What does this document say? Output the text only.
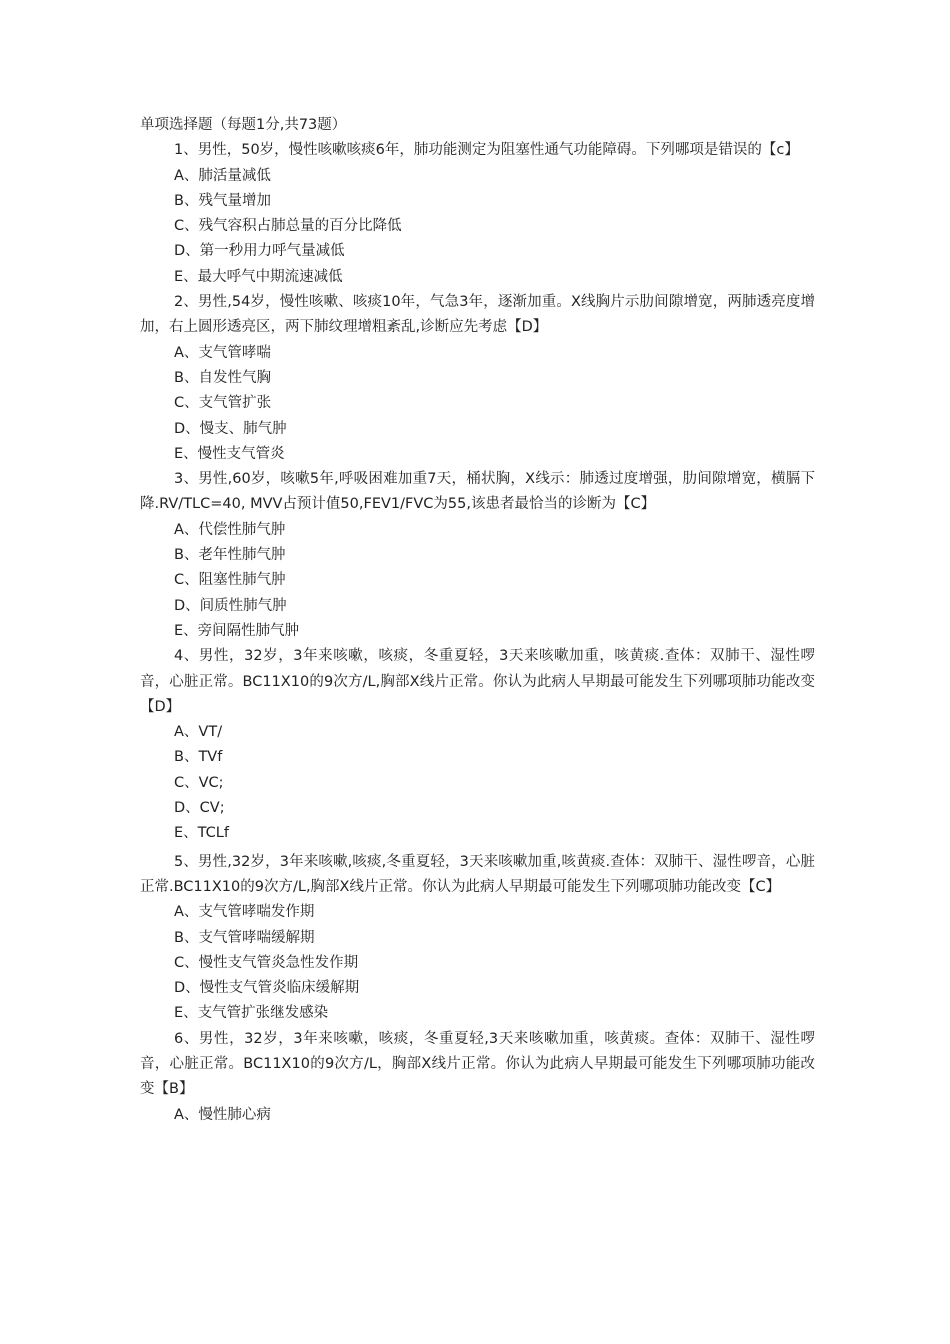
单项选择题（每题1分,共73题）

1、男性，50岁，慢性咳嗽咳痰6年，肺功能测定为阻塞性通气功能障碍。下列哪项是错误的【c】

A、肺活量减低

B、残气量增加

C、残气容积占肺总量的百分比降低

D、第一秒用力呼气量减低

E、最大呼气中期流速减低

2、男性,54岁，慢性咳嗽、咳痰10年，气急3年，逐渐加重。X线胸片示肋间隙增宽，两肺透亮度增加，右上圆形透亮区，两下肺纹理增粗紊乱,诊断应先考虑【D】

A、支气管哮喘

B、自发性气胸

C、支气管扩张

D、慢支、肺气肿

E、慢性支气管炎

3、男性,60岁，咳嗽5年,呼吸困难加重7天，桶状胸，X线示：肺透过度增强，肋间隙增宽，横膈下降.RV/TLC=40, MVV占预计值50,FEV1/FVC为55,该患者最恰当的诊断为【C】

A、代偿性肺气肿

B、老年性肺气肿

C、阻塞性肺气肿

D、间质性肺气肿

E、旁间隔性肺气肿

4、男性，32岁，3年来咳嗽，咳痰，冬重夏轻，3天来咳嗽加重，咳黄痰.查体：双肺干、湿性啰音，心脏正常。BC11X10的9次方/L,胸部X线片正常。你认为此病人早期最可能发生下列哪项肺功能改变【D】

A、VT/

B、TVf

C、VC;

D、CV;

E、TCLf

5、男性,32岁，3年来咳嗽,咳痰,冬重夏轻，3天来咳嗽加重,咳黄痰.查体：双肺干、湿性啰音，心脏正常.BC11X10的9次方/L,胸部X线片正常。你认为此病人早期最可能发生下列哪项肺功能改变【C】

A、支气管哮喘发作期

B、支气管哮喘缓解期

C、慢性支气管炎急性发作期

D、慢性支气管炎临床缓解期

E、支气管扩张继发感染

6、男性，32岁，3年来咳嗽，咳痰，冬重夏轻,3天来咳嗽加重，咳黄痰。查体：双肺干、湿性啰音，心脏正常。BC11X10的9次方/L，胸部X线片正常。你认为此病人早期最可能发生下列哪项肺功能改变【B】

A、慢性肺心病
